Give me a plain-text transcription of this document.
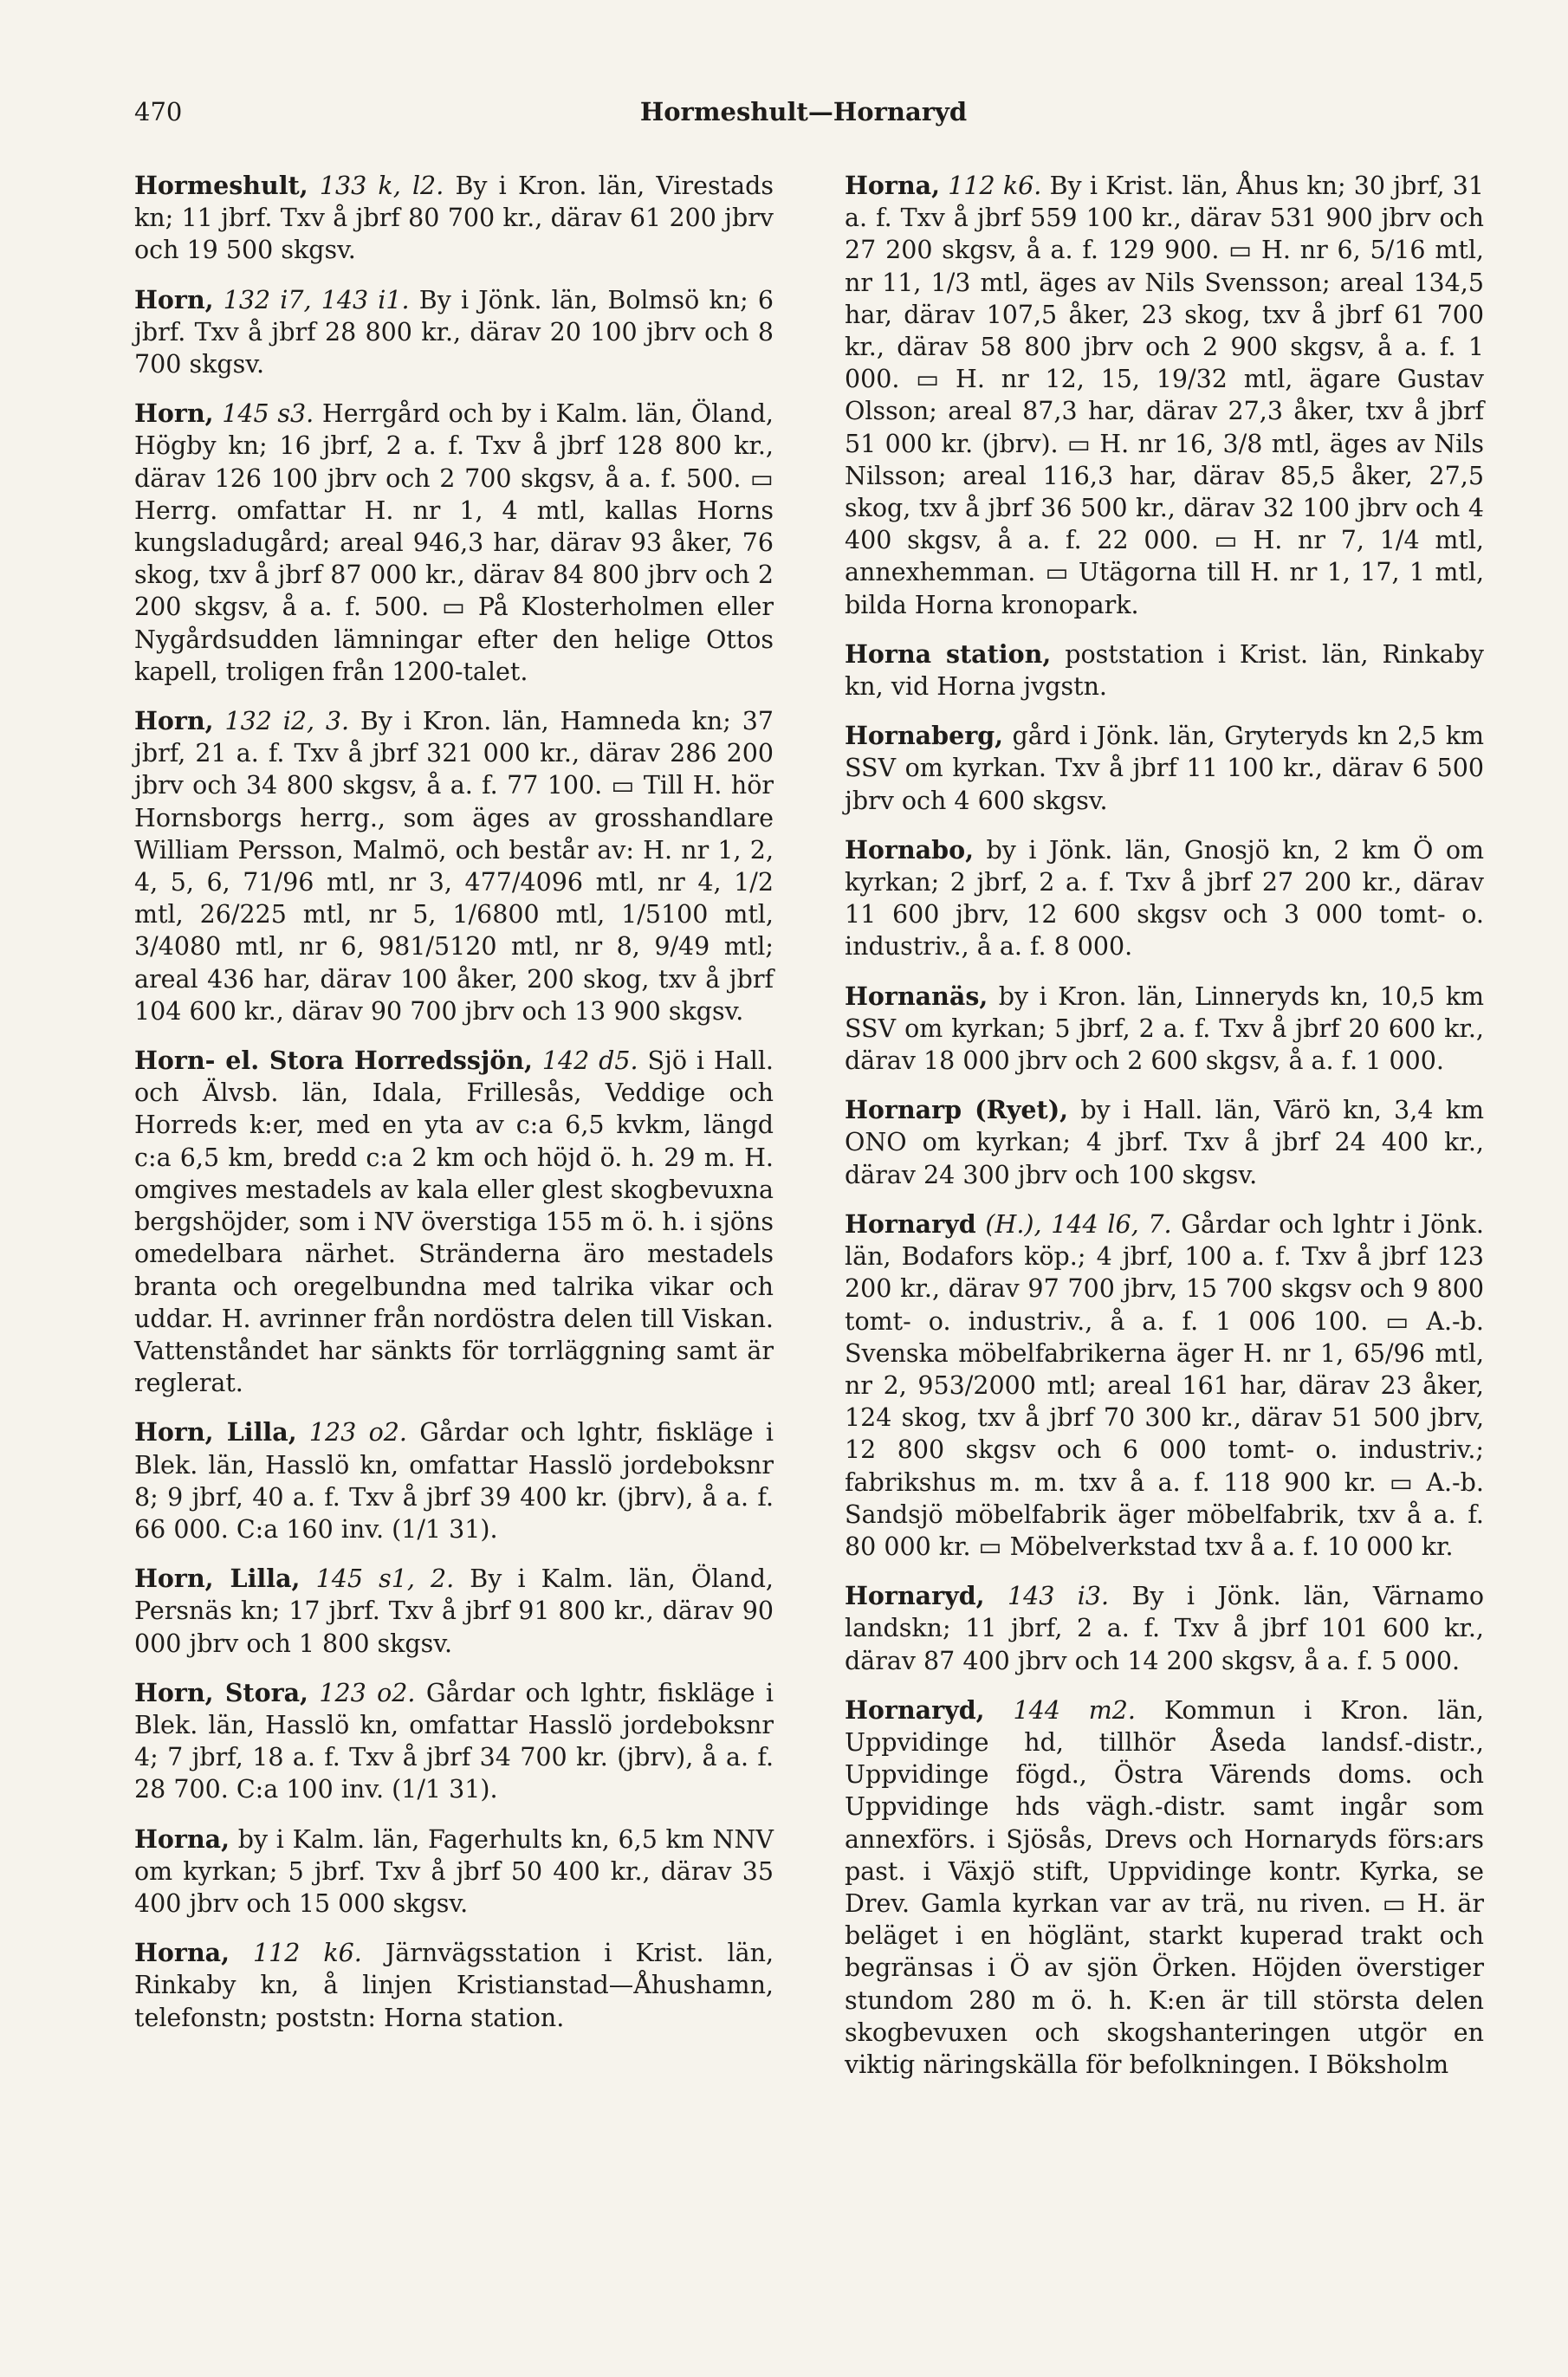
470	Hormeshult—Hornaryd

Hormeshult, 133 k, l2. By i Kron. län, Virestads kn; 11 jbrf. Txv å jbrf 80 700 kr., därav 61 200 jbrv och 19 500 skgsv.

Horn, 132 i7, 143 i1. By i Jönk. län, Bolmsö kn; 6 jbrf. Txv å jbrf 28 800 kr., därav 20 100 jbrv och 8 700 skgsv.

Horn, 145 s3. Herrgård och by i Kalm. län, Öland, Högby kn; 16 jbrf, 2 a. f. Txv å jbrf 128 800 kr., därav 126 100 jbrv och 2 700 skgsv, å a. f. 500. ▭ Herrg. omfattar H. nr 1, 4 mtl, kallas Horns kungsladugård; areal 946,3 har, därav 93 åker, 76 skog, txv å jbrf 87 000 kr., därav 84 800 jbrv och 2 200 skgsv, å a. f. 500. ▭ På Klosterholmen eller Nygårdsudden lämningar efter den helige Ottos kapell, troligen från 1200-talet.

Horn, 132 i2, 3. By i Kron. län, Hamneda kn; 37 jbrf, 21 a. f. Txv å jbrf 321 000 kr., därav 286 200 jbrv och 34 800 skgsv, å a. f. 77 100. ▭ Till H. hör Hornsborgs herrg., som äges av grosshandlare William Persson, Malmö, och består av: H. nr 1, 2, 4, 5, 6, 71/96 mtl, nr 3, 477/4096 mtl, nr 4, 1/2 mtl, 26/225 mtl, nr 5, 1/6800 mtl, 1/5100 mtl, 3/4080 mtl, nr 6, 981/5120 mtl, nr 8, 9/49 mtl; areal 436 har, därav 100 åker, 200 skog, txv å jbrf 104 600 kr., därav 90 700 jbrv och 13 900 skgsv.

Horn- el. Stora Horredssjön, 142 d5. Sjö i Hall. och Älvsb. län, Idala, Frillesås, Veddige och Horreds k:er, med en yta av c:a 6,5 kvkm, längd c:a 6,5 km, bredd c:a 2 km och höjd ö. h. 29 m. H. omgives mestadels av kala eller glest skogbevuxna bergshöjder, som i NV överstiga 155 m ö. h. i sjöns omedelbara närhet. Stränderna äro mestadels branta och oregelbundna med talrika vikar och uddar. H. avrinner från nordöstra delen till Viskan. Vattenståndet har sänkts för torrläggning samt är reglerat.

Horn, Lilla, 123 o2. Gårdar och lghtr, fiskläge i Blek. län, Hasslö kn, omfattar Hasslö jordeboksnr 8; 9 jbrf, 40 a. f. Txv å jbrf 39 400 kr. (jbrv), å a. f. 66 000. C:a 160 inv. (1/1 31).

Horn, Lilla, 145 s1, 2. By i Kalm. län, Öland, Persnäs kn; 17 jbrf. Txv å jbrf 91 800 kr., därav 90 000 jbrv och 1 800 skgsv.

Horn, Stora, 123 o2. Gårdar och lghtr, fiskläge i Blek. län, Hasslö kn, omfattar Hasslö jordeboksnr 4; 7 jbrf, 18 a. f. Txv å jbrf 34 700 kr. (jbrv), å a. f. 28 700. C:a 100 inv. (1/1 31).

Horna, by i Kalm. län, Fagerhults kn, 6,5 km NNV om kyrkan; 5 jbrf. Txv å jbrf 50 400 kr., därav 35 400 jbrv och 15 000 skgsv.

Horna, 112 k6. Järnvägsstation i Krist. län, Rinkaby kn, å linjen Kristianstad—Åhushamn, telefonstn; poststn: Horna station.

Horna, 112 k6. By i Krist. län, Åhus kn; 30 jbrf, 31 a. f. Txv å jbrf 559 100 kr., därav 531 900 jbrv och 27 200 skgsv, å a. f. 129 900. ▭ H. nr 6, 5/16 mtl, nr 11, 1/3 mtl, äges av Nils Svensson; areal 134,5 har, därav 107,5 åker, 23 skog, txv å jbrf 61 700 kr., därav 58 800 jbrv och 2 900 skgsv, å a. f. 1 000. ▭ H. nr 12, 15, 19/32 mtl, ägare Gustav Olsson; areal 87,3 har, därav 27,3 åker, txv å jbrf 51 000 kr. (jbrv). ▭ H. nr 16, 3/8 mtl, äges av Nils Nilsson; areal 116,3 har, därav 85,5 åker, 27,5 skog, txv å jbrf 36 500 kr., därav 32 100 jbrv och 4 400 skgsv, å a. f. 22 000. ▭ H. nr 7, 1/4 mtl, annexhemman. ▭ Utägorna till H. nr 1, 17, 1 mtl, bilda Horna kronopark.

Horna station, poststation i Krist. län, Rinkaby kn, vid Horna jvgstn.

Hornaberg, gård i Jönk. län, Gryteryds kn 2,5 km SSV om kyrkan. Txv å jbrf 11 100 kr., därav 6 500 jbrv och 4 600 skgsv.

Hornabo, by i Jönk. län, Gnosjö kn, 2 km Ö om kyrkan; 2 jbrf, 2 a. f. Txv å jbrf 27 200 kr., därav 11 600 jbrv, 12 600 skgsv och 3 000 tomt- o. industriv., å a. f. 8 000.

Hornanäs, by i Kron. län, Linneryds kn, 10,5 km SSV om kyrkan; 5 jbrf, 2 a. f. Txv å jbrf 20 600 kr., därav 18 000 jbrv och 2 600 skgsv, å a. f. 1 000.

Hornarp (Ryet), by i Hall. län, Värö kn, 3,4 km ONO om kyrkan; 4 jbrf. Txv å jbrf 24 400 kr., därav 24 300 jbrv och 100 skgsv.

Hornaryd (H.), 144 l6, 7. Gårdar och lghtr i Jönk. län, Bodafors köp.; 4 jbrf, 100 a. f. Txv å jbrf 123 200 kr., därav 97 700 jbrv, 15 700 skgsv och 9 800 tomt- o. industriv., å a. f. 1 006 100. ▭ A.-b. Svenska möbelfabrikerna äger H. nr 1, 65/96 mtl, nr 2, 953/2000 mtl; areal 161 har, därav 23 åker, 124 skog, txv å jbrf 70 300 kr., därav 51 500 jbrv, 12 800 skgsv och 6 000 tomt- o. industriv.; fabrikshus m. m. txv å a. f. 118 900 kr. ▭ A.-b. Sandsjö möbelfabrik äger möbelfabrik, txv å a. f. 80 000 kr. ▭ Möbelverkstad txv å a. f. 10 000 kr.

Hornaryd, 143 i3. By i Jönk. län, Värnamo landskn; 11 jbrf, 2 a. f. Txv å jbrf 101 600 kr., därav 87 400 jbrv och 14 200 skgsv, å a. f. 5 000.

Hornaryd, 144 m2. Kommun i Kron. län, Uppvidinge hd, tillhör Åseda landsf.-distr., Uppvidinge fögd., Östra Värends doms. och Uppvidinge hds vägh.-distr. samt ingår som annexförs. i Sjösås, Drevs och Hornaryds förs:ars past. i Växjö stift, Uppvidinge kontr. Kyrka, se Drev. Gamla kyrkan var av trä, nu riven. ▭ H. är beläget i en höglänt, starkt kuperad trakt och begränsas i Ö av sjön Örken. Höjden överstiger stundom 280 m ö. h. K:en är till största delen skogbevuxen och skogshanteringen utgör en viktig näringskälla för befolkningen. I Böksholm
